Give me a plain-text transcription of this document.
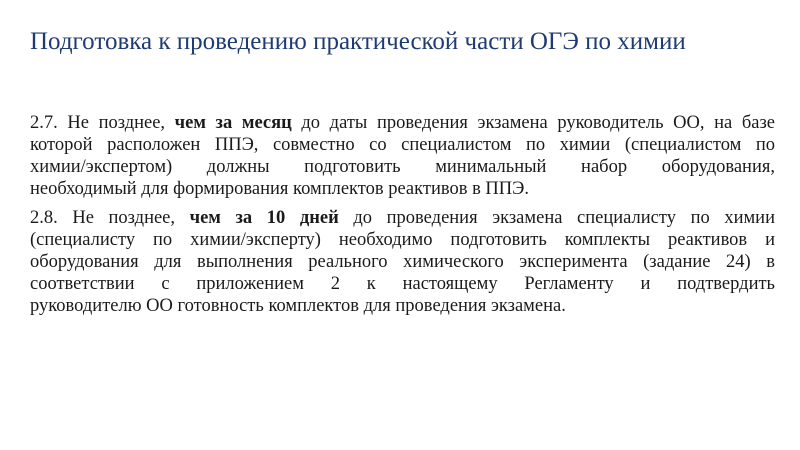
Подготовка к проведению практической части ОГЭ по химии
2.7. Не позднее, чем за месяц до даты проведения экзамена руководитель ОО, на базе
которой расположен ППЭ, совместно со специалистом по химии (специалистом по
химии/экспертом) должны подготовить минимальный набор оборудования,
необходимый для формирования комплектов реактивов в ППЭ.
2.8. Не позднее, чем за 10 дней до проведения экзамена специалисту по химии
(специалисту по химии/эксперту) необходимо подготовить комплекты реактивов и
оборудования для выполнения реального химического эксперимента (задание 24) в
соответствии с приложением 2 к настоящему Регламенту и подтвердить
руководителю ОО готовность комплектов для проведения экзамена.
